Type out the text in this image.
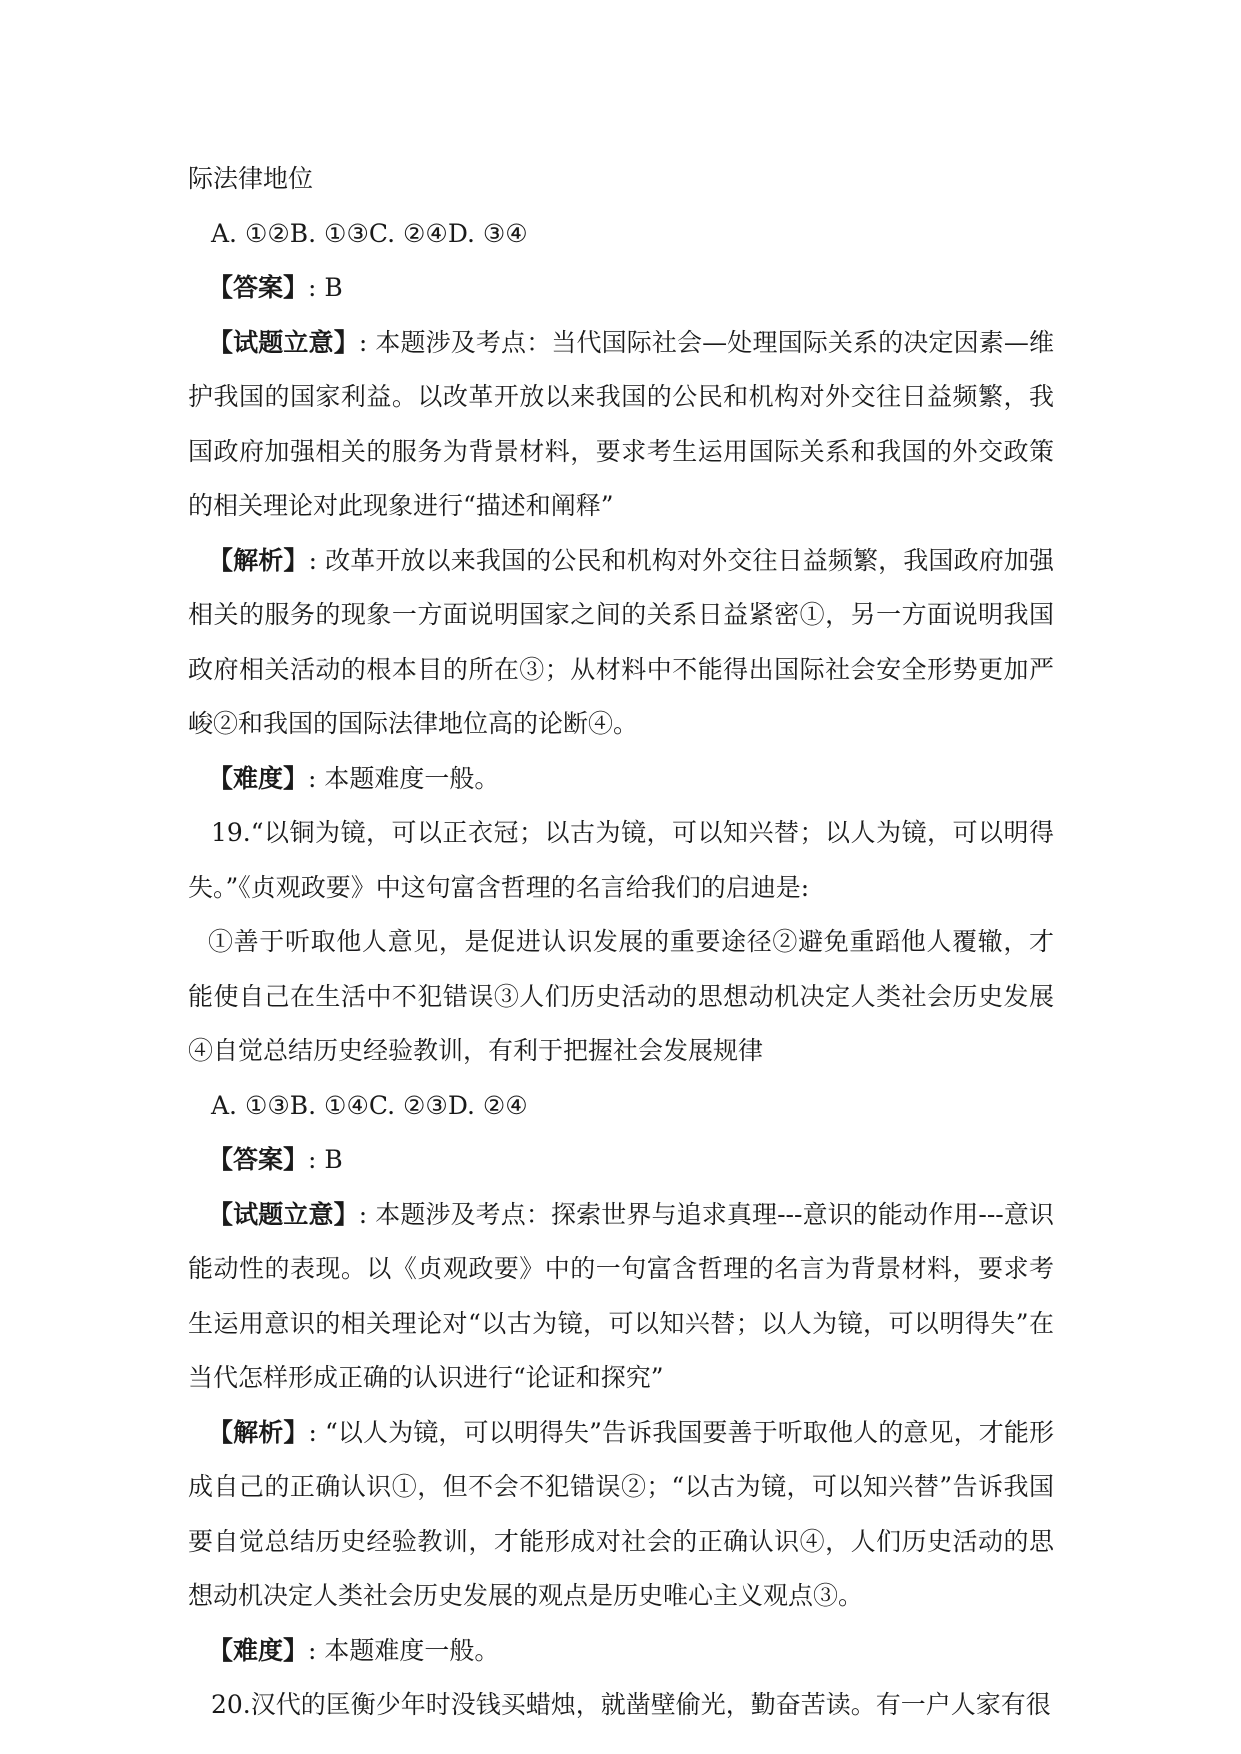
际法律地位

A. ①②B. ①③C. ②④D. ③④

【答案】: B

【试题立意】: 本题涉及考点：当代国际社会—处理国际关系的决定因素—维护我国的国家利益。以改革开放以来我国的公民和机构对外交往日益频繁，我国政府加强相关的服务为背景材料，要求考生运用国际关系和我国的外交政策的相关理论对此现象进行“描述和阐释”

【解析】: 改革开放以来我国的公民和机构对外交往日益频繁，我国政府加强相关的服务的现象一方面说明国家之间的关系日益紧密①，另一方面说明我国政府相关活动的根本目的所在③；从材料中不能得出国际社会安全形势更加严峻②和我国的国际法律地位高的论断④。

【难度】: 本题难度一般。

19.“以铜为镜，可以正衣冠；以古为镜，可以知兴替；以人为镜，可以明得失。”《贞观政要》中这句富含哲理的名言给我们的启迪是:

①善于听取他人意见，是促进认识发展的重要途径②避免重蹈他人覆辙，才能使自己在生活中不犯错误③人们历史活动的思想动机决定人类社会历史发展④自觉总结历史经验教训，有利于把握社会发展规律

A. ①③B. ①④C. ②③D. ②④

【答案】: B

【试题立意】: 本题涉及考点：探索世界与追求真理---意识的能动作用---意识能动性的表现。以《贞观政要》中的一句富含哲理的名言为背景材料，要求考生运用意识的相关理论对“以古为镜，可以知兴替；以人为镜，可以明得失”在当代怎样形成正确的认识进行“论证和探究”

【解析】: “以人为镜，可以明得失”告诉我国要善于听取他人的意见，才能形成自己的正确认识①，但不会不犯错误②；“以古为镜，可以知兴替”告诉我国要自觉总结历史经验教训，才能形成对社会的正确认识④，人们历史活动的思想动机决定人类社会历史发展的观点是历史唯心主义观点③。

【难度】: 本题难度一般。

20.汉代的匡衡少年时没钱买蜡烛，就凿壁偷光，勤奋苦读。有一户人家有很
